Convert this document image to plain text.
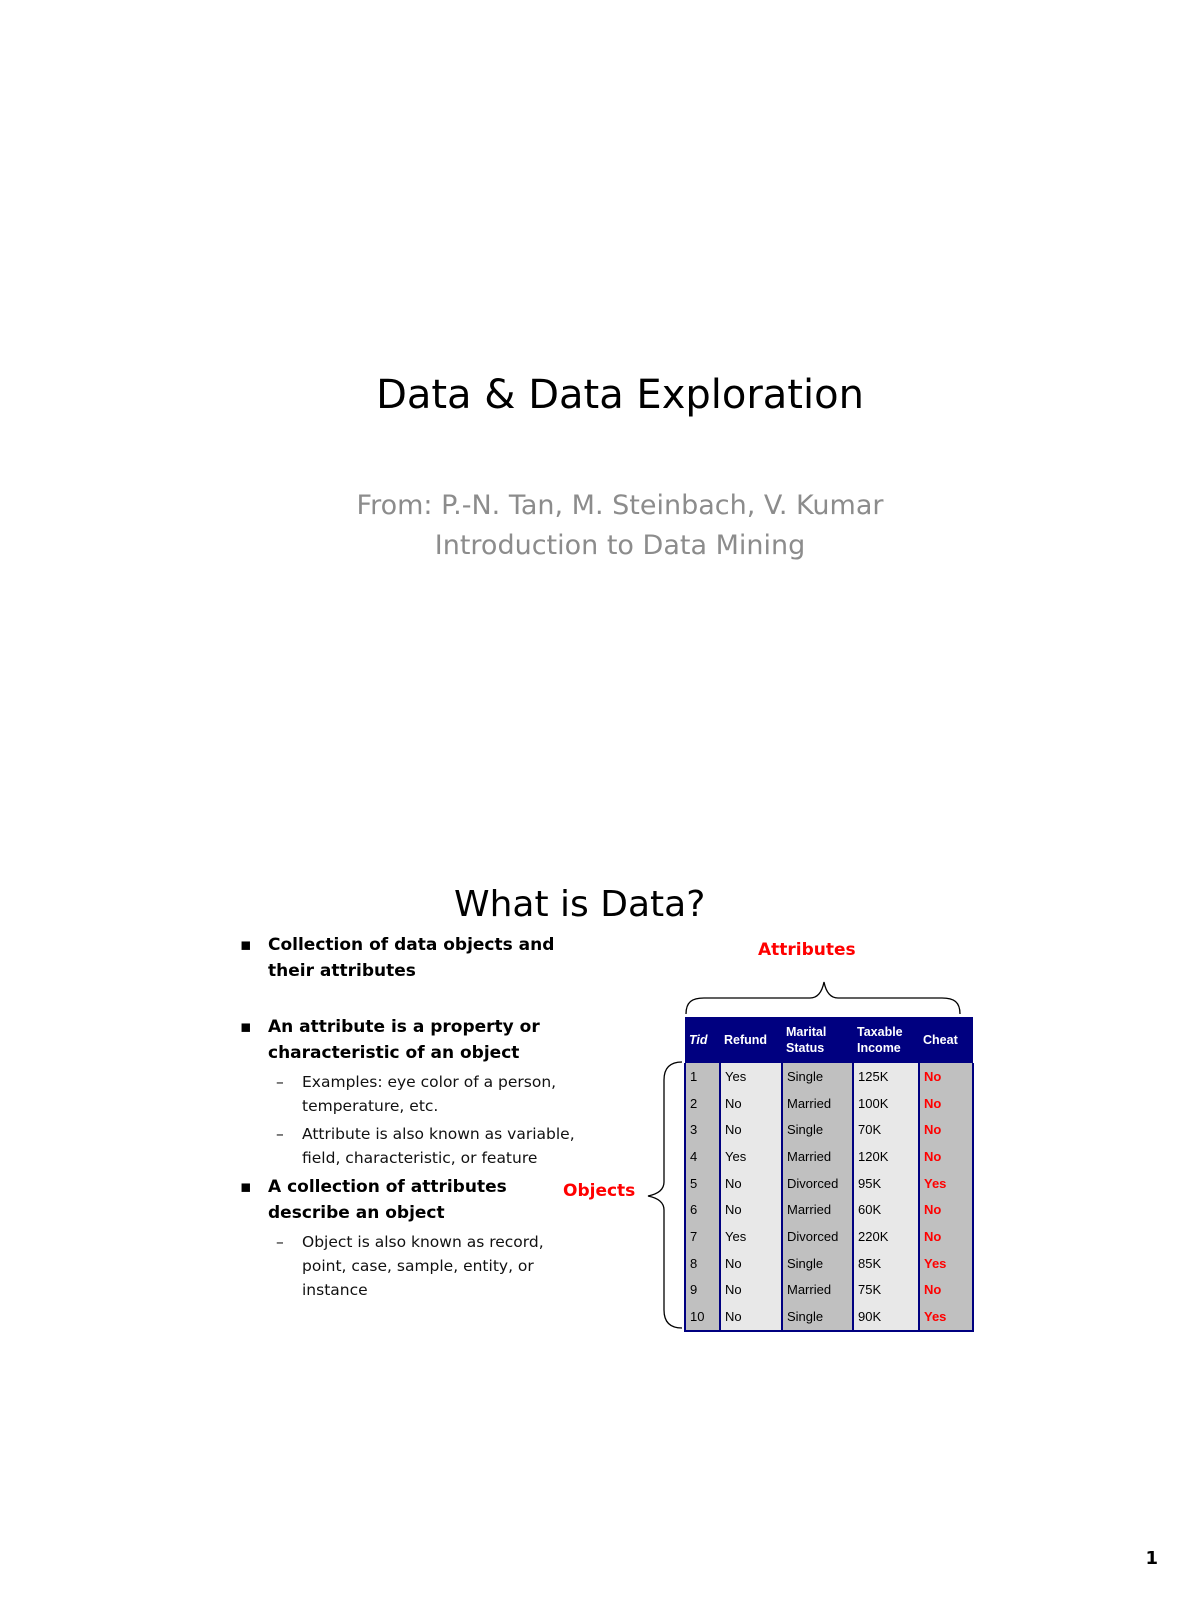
Data & Data Exploration
From: P.-N. Tan, M. Steinbach, V. Kumar
Introduction to Data Mining
What is Data?
▪ Collection of data objects and their attributes
▪ An attribute is a property or characteristic of an object
– Examples: eye color of a person, temperature, etc.
– Attribute is also known as variable, field, characteristic, or feature
▪ A collection of attributes describe an object
– Object is also known as record, point, case, sample, entity, or instance
Attributes
Objects
Tid	Refund	Marital Status	Taxable Income	Cheat
1	Yes	Single	125K	No
2	No	Married	100K	No
3	No	Single	70K	No
4	Yes	Married	120K	No
5	No	Divorced	95K	Yes
6	No	Married	60K	No
7	Yes	Divorced	220K	No
8	No	Single	85K	Yes
9	No	Married	75K	No
10	No	Single	90K	Yes
1
